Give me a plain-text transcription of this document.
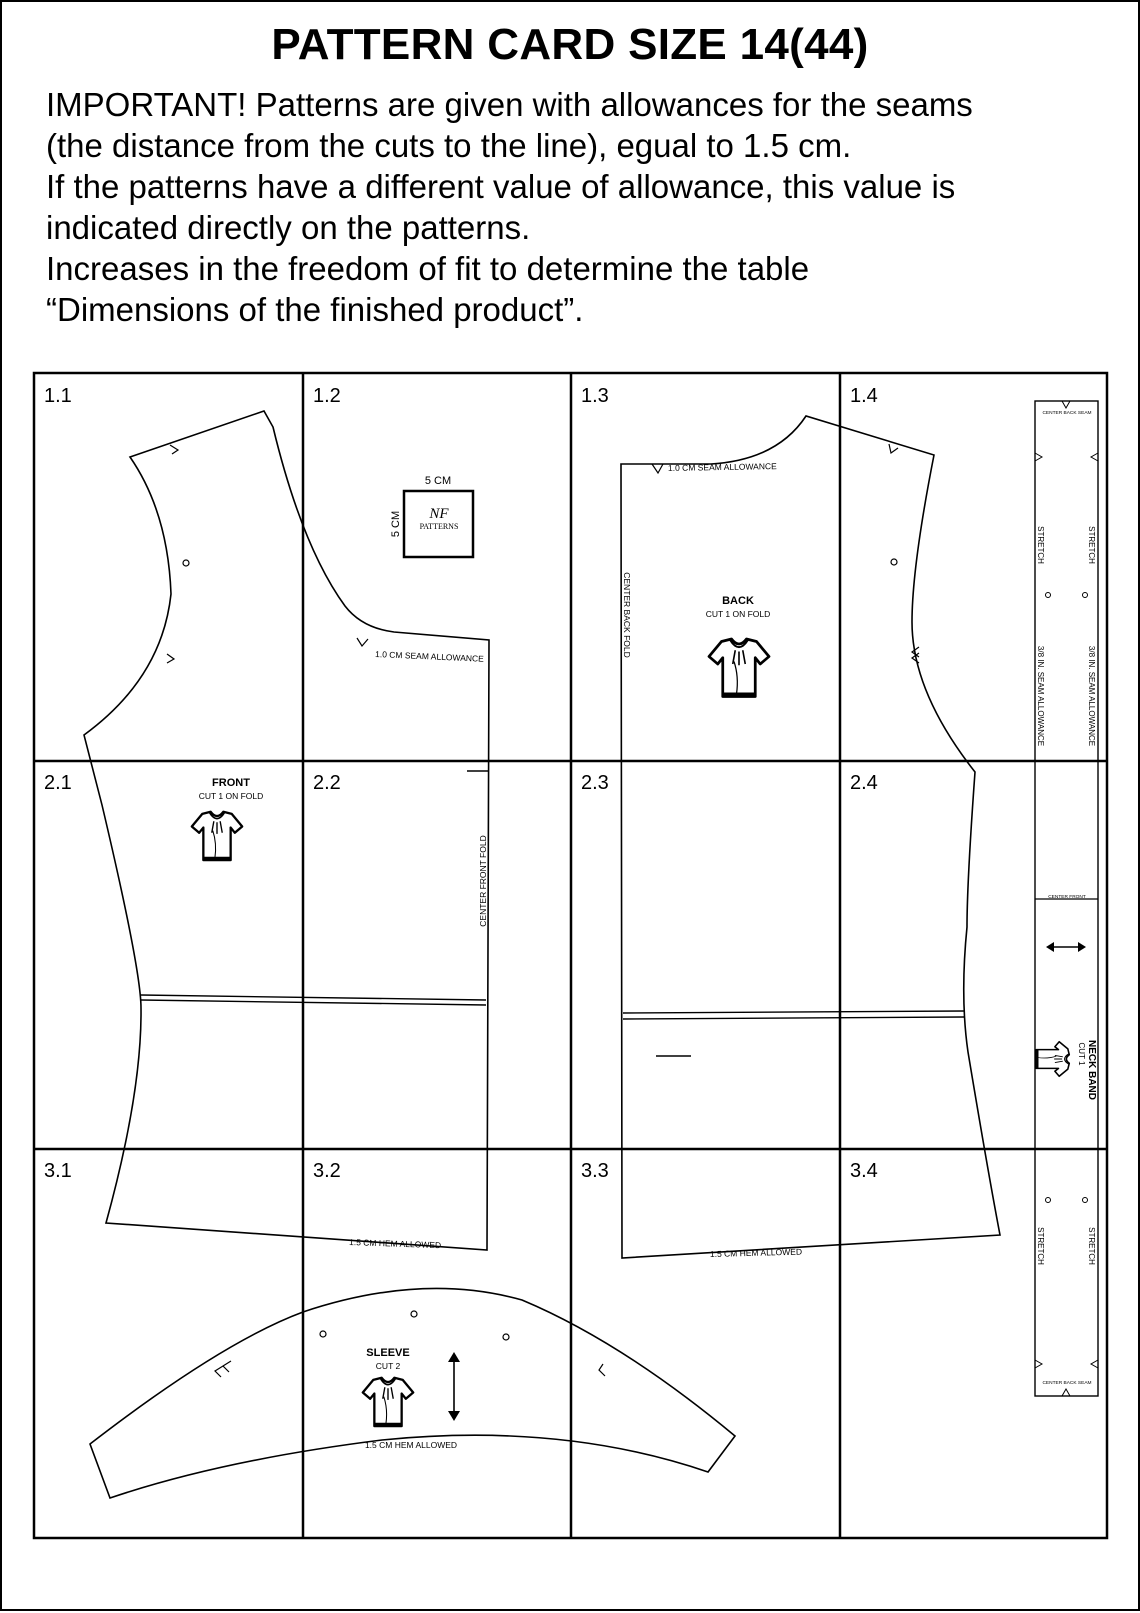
PATTERN CARD SIZE 14(44)
IMPORTANT! Patterns are given with allowances for the seams
(the distance from the cuts to the line), egual to 1.5 cm.
If the patterns have a different value of allowance, this value is
indicated directly on the patterns.
Increases in the freedom of fit to determine the table
“Dimensions of the finished product”.
1.1	1.2	1.3	1.4
2.1	2.2	2.3	2.4
3.1	3.2	3.3	3.4
5 CM
5 CM NF
PATTERNS
1.0 CM SEAM ALLOWANCE
CENTER FRONT FOLD
FRONT
CUT 1 ON FOLD
1.5 CM HEM ALLOWED
1.0 CM SEAM ALLOWANCE
CENTER BACK FOLD	BACK
CUT 1 ON FOLD
1.5 CM HEM ALLOWED
SLEEVE
CUT 2
1.5 CM HEM ALLOWED
CENTER BACK SEAM
CENTER BACK SEAM
CENTER FRONT
STRETCH	STRETCH
STRETCH	STRETCH
3/8 IN. SEAM ALLOWANCE	3/8 IN. SEAM ALLOWANCE
NECK BAND
CUT 1
